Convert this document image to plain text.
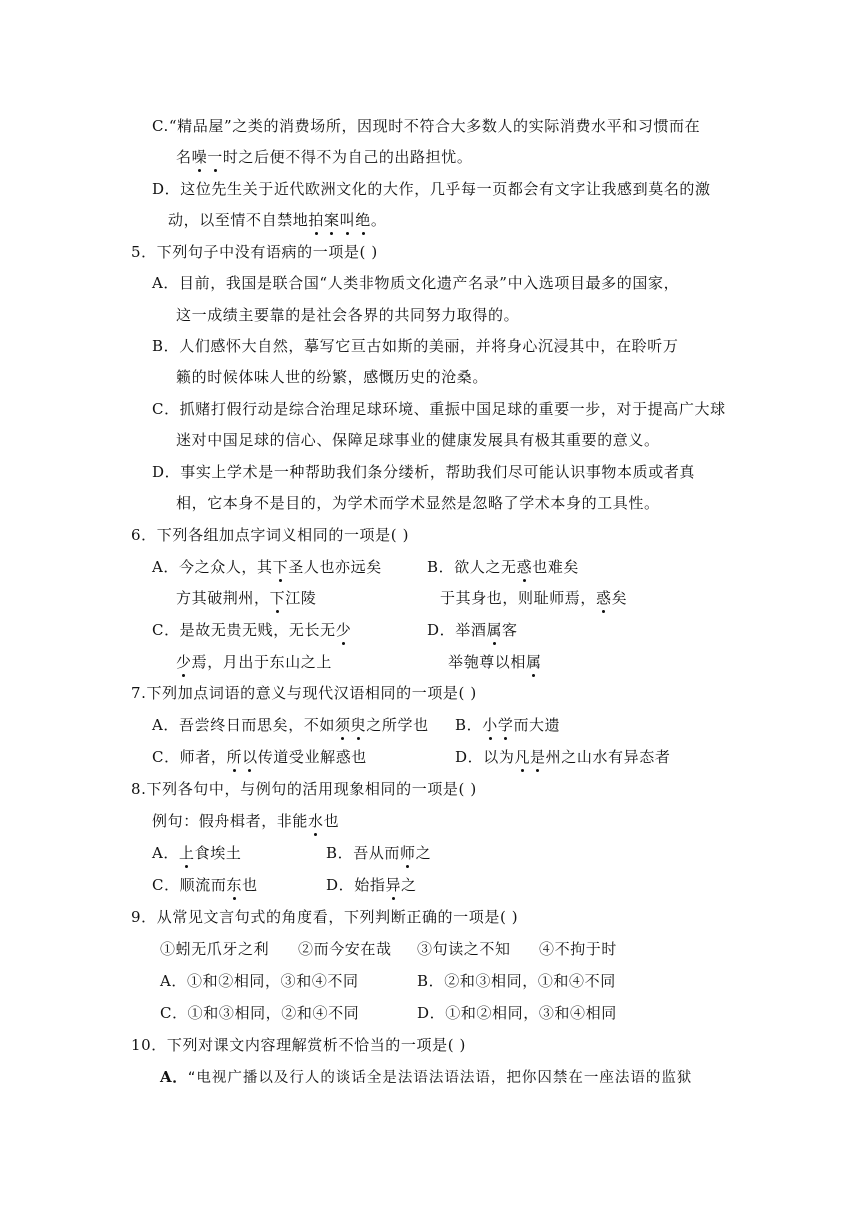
C.“精品屋”之类的消费场所，因现时不符合大多数人的实际消费水平和习惯而在
名噪一时之后便不得不为自己的出路担忧。
D．这位先生关于近代欧洲文化的大作，几乎每一页都会有文字让我感到莫名的激
动，以至情不自禁地拍案叫绝。
5．下列句子中没有语病的一项是( )
A．目前，我国是联合国“人类非物质文化遗产名录”中入选项目最多的国家，
这一成绩主要靠的是社会各界的共同努力取得的。
B．人们感怀大自然，摹写它亘古如斯的美丽，并将身心沉浸其中，在聆听万
籁的时候体味人世的纷繁，感慨历史的沧桑。
C．抓赌打假行动是综合治理足球环境、重振中国足球的重要一步，对于提高广大球
迷对中国足球的信心、保障足球事业的健康发展具有极其重要的意义。
D．事实上学术是一种帮助我们条分缕析，帮助我们尽可能认识事物本质或者真
相，它本身不是目的，为学术而学术显然是忽略了学术本身的工具性。
6．下列各组加点字词义相同的一项是( )
A．今之众人，其下圣人也亦远矣	B．欲人之无惑也难矣
方其破荆州，下江陵	于其身也，则耻师焉，惑矣
C．是故无贵无贱，无长无少	D．举酒属客
少焉，月出于东山之上	举匏尊以相属
7.下列加点词语的意义与现代汉语相同的一项是( )
A．吾尝终日而思矣，不如须臾之所学也 B．小学而大遗
C．师者，所以传道受业解惑也	D．以为凡是州之山水有异态者
8.下列各句中，与例句的活用现象相同的一项是( )
例句：假舟楫者，非能水也
A．上食埃土	B．吾从而师之
C．顺流而东也	D．始指异之
9．从常见文言句式的角度看，下列判断正确的一项是( )
①蚓无爪牙之利 ②而今安在哉 ③句读之不知 ④不拘于时
A．①和②相同，③和④不同	B．②和③相同，①和④不同
C．①和③相同，②和④不同	D．①和②相同，③和④相同
10．下列对课文内容理解赏析不恰当的一项是( )
A．“电视广播以及行人的谈话全是法语法语法语，把你囚禁在一座法语的监狱
